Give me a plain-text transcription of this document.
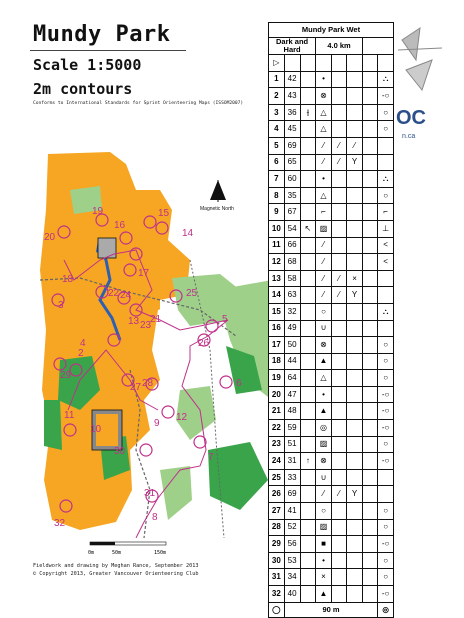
Mundy Park
Scale 1:5000
2m contours
Conforms to International Standards for Sprint Orienteering Maps (ISSOM2007)
OC
n.ca
Magnetic North
19
20
16
15
14
18
17
24
22	25
5
26
3
4
21
13 23
6
29
2
28
27
11
10
9
12
30
7
8
32
31
0m	50m	150m
Fieldwork and drawing by Meghan Rance, September 2013
© Copyright 2013, Greater Vancouver Orienteering Club
Mundy Park Wet							
Dark and Hard			4.0 km				
▷							
1	42		•				⛬
2	43		⊗				-○
3	36	⫲	△				○
4	45		△				○
5	69		⁄	⁄	⁄		
6	65		⁄	⁄	Y		
7	60		•				⛬
8	35		△				○
9	67		⌐				⌐
10	54	↖	▨				⊥
11	66		⁄				<
12	68		⁄				<
13	58		⁄	⁄	×		
14	63		⁄	⁄	Y		
15	32		○				⛬
16	49		∪				
17	50		⊗				○
18	44		▲				○
19	64		△				○
20	47		•				-○
21	48		▲				-○
22	59		◎				-○
23	51		▨				○
24	31	↑	⊗				-○
25	33		∪				
26	69		⁄	⁄	Y		
27	41		○				○
28	52		▨				○
29	56		■				-○
30	53		•				○
31	34		×				○
32	40		▲				-○
◯	90 m						◎
